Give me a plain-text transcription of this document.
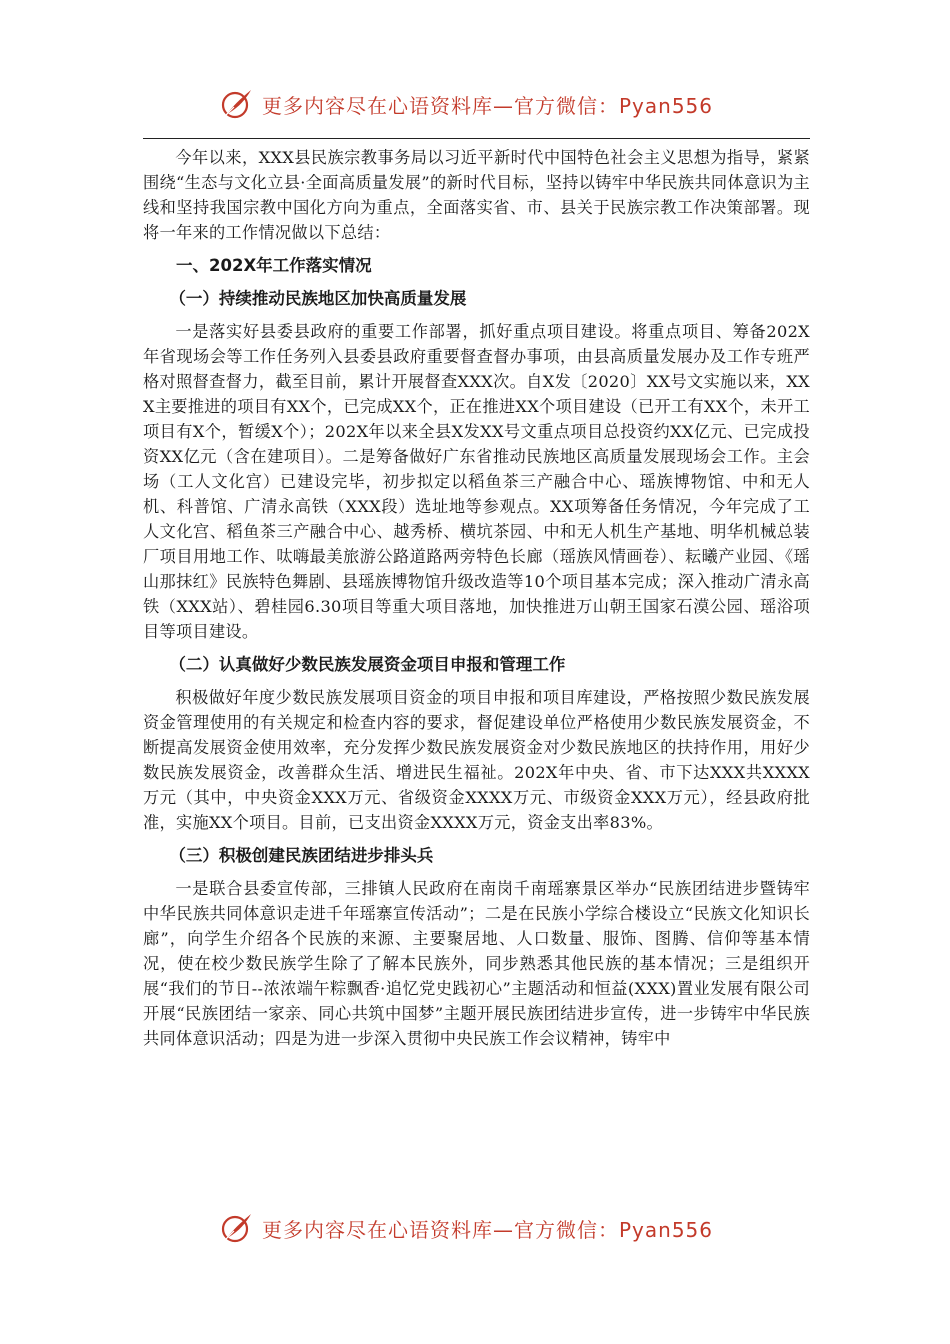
更多内容尽在心语资料库—官方微信：Pyan556

今年以来，XXX县民族宗教事务局以习近平新时代中国特色社会主义思想为指导，紧紧围绕“生态与文化立县·全面高质量发展”的新时代目标，坚持以铸牢中华民族共同体意识为主线和坚持我国宗教中国化方向为重点，全面落实省、市、县关于民族宗教工作决策部署。现将一年来的工作情况做以下总结：

一、202X年工作落实情况
（一）持续推动民族地区加快高质量发展

一是落实好县委县政府的重要工作部署，抓好重点项目建设。将重点项目、筹备202X年省现场会等工作任务列入县委县政府重要督查督办事项，由县高质量发展办及工作专班严格对照督查督力，截至目前，累计开展督查XXX次。自X发〔2020〕XX号文实施以来，XXX主要推进的项目有XX个，已完成XX个，正在推进XX个项目建设（已开工有XX个，未开工项目有X个，暂缓X个）；202X年以来全县X发XX号文重点项目总投资约XX亿元、已完成投资XX亿元（含在建项目）。二是筹备做好广东省推动民族地区高质量发展现场会工作。主会场（工人文化宫）已建设完毕，初步拟定以稻鱼茶三产融合中心、瑶族博物馆、中和无人机、科普馆、广清永高铁（XXX段）选址地等参观点。XX项筹备任务情况，今年完成了工人文化宫、稻鱼茶三产融合中心、越秀桥、横坑茶园、中和无人机生产基地、明华机械总装厂项目用地工作、呔嗨最美旅游公路道路两旁特色长廊（瑶族风情画卷）、耘曦产业园、《瑶山那抹红》民族特色舞剧、县瑶族博物馆升级改造等10个项目基本完成；深入推动广清永高铁（XXX站）、碧桂园6.30项目等重大项目落地，加快推进万山朝王国家石漠公园、瑶浴项目等项目建设。

（二）认真做好少数民族发展资金项目申报和管理工作

积极做好年度少数民族发展项目资金的项目申报和项目库建设，严格按照少数民族发展资金管理使用的有关规定和检查内容的要求，督促建设单位严格使用少数民族发展资金，不断提高发展资金使用效率，充分发挥少数民族发展资金对少数民族地区的扶持作用，用好少数民族发展资金，改善群众生活、增进民生福祉。202X年中央、省、市下达XXX共XXXX万元（其中，中央资金XXX万元、省级资金XXXX万元、市级资金XXX万元），经县政府批准，实施XX个项目。目前，已支出资金XXXX万元，资金支出率83%。

（三）积极创建民族团结进步排头兵

一是联合县委宣传部，三排镇人民政府在南岗千南瑶寨景区举办“民族团结进步暨铸牢中华民族共同体意识走进千年瑶寨宣传活动”；二是在民族小学综合楼设立“民族文化知识长廊”，向学生介绍各个民族的来源、主要聚居地、人口数量、服饰、图腾、信仰等基本情况，使在校少数民族学生除了了解本民族外，同步熟悉其他民族的基本情况；三是组织开展“我们的节日--浓浓端午粽飘香·追忆党史践初心”主题活动和恒益(XXX)置业发展有限公司开展“民族团结一家亲、同心共筑中国梦”主题开展民族团结进步宣传，进一步铸牢中华民族共同体意识活动；四是为进一步深入贯彻中央民族工作会议精神，铸牢中

更多内容尽在心语资料库—官方微信：Pyan556
